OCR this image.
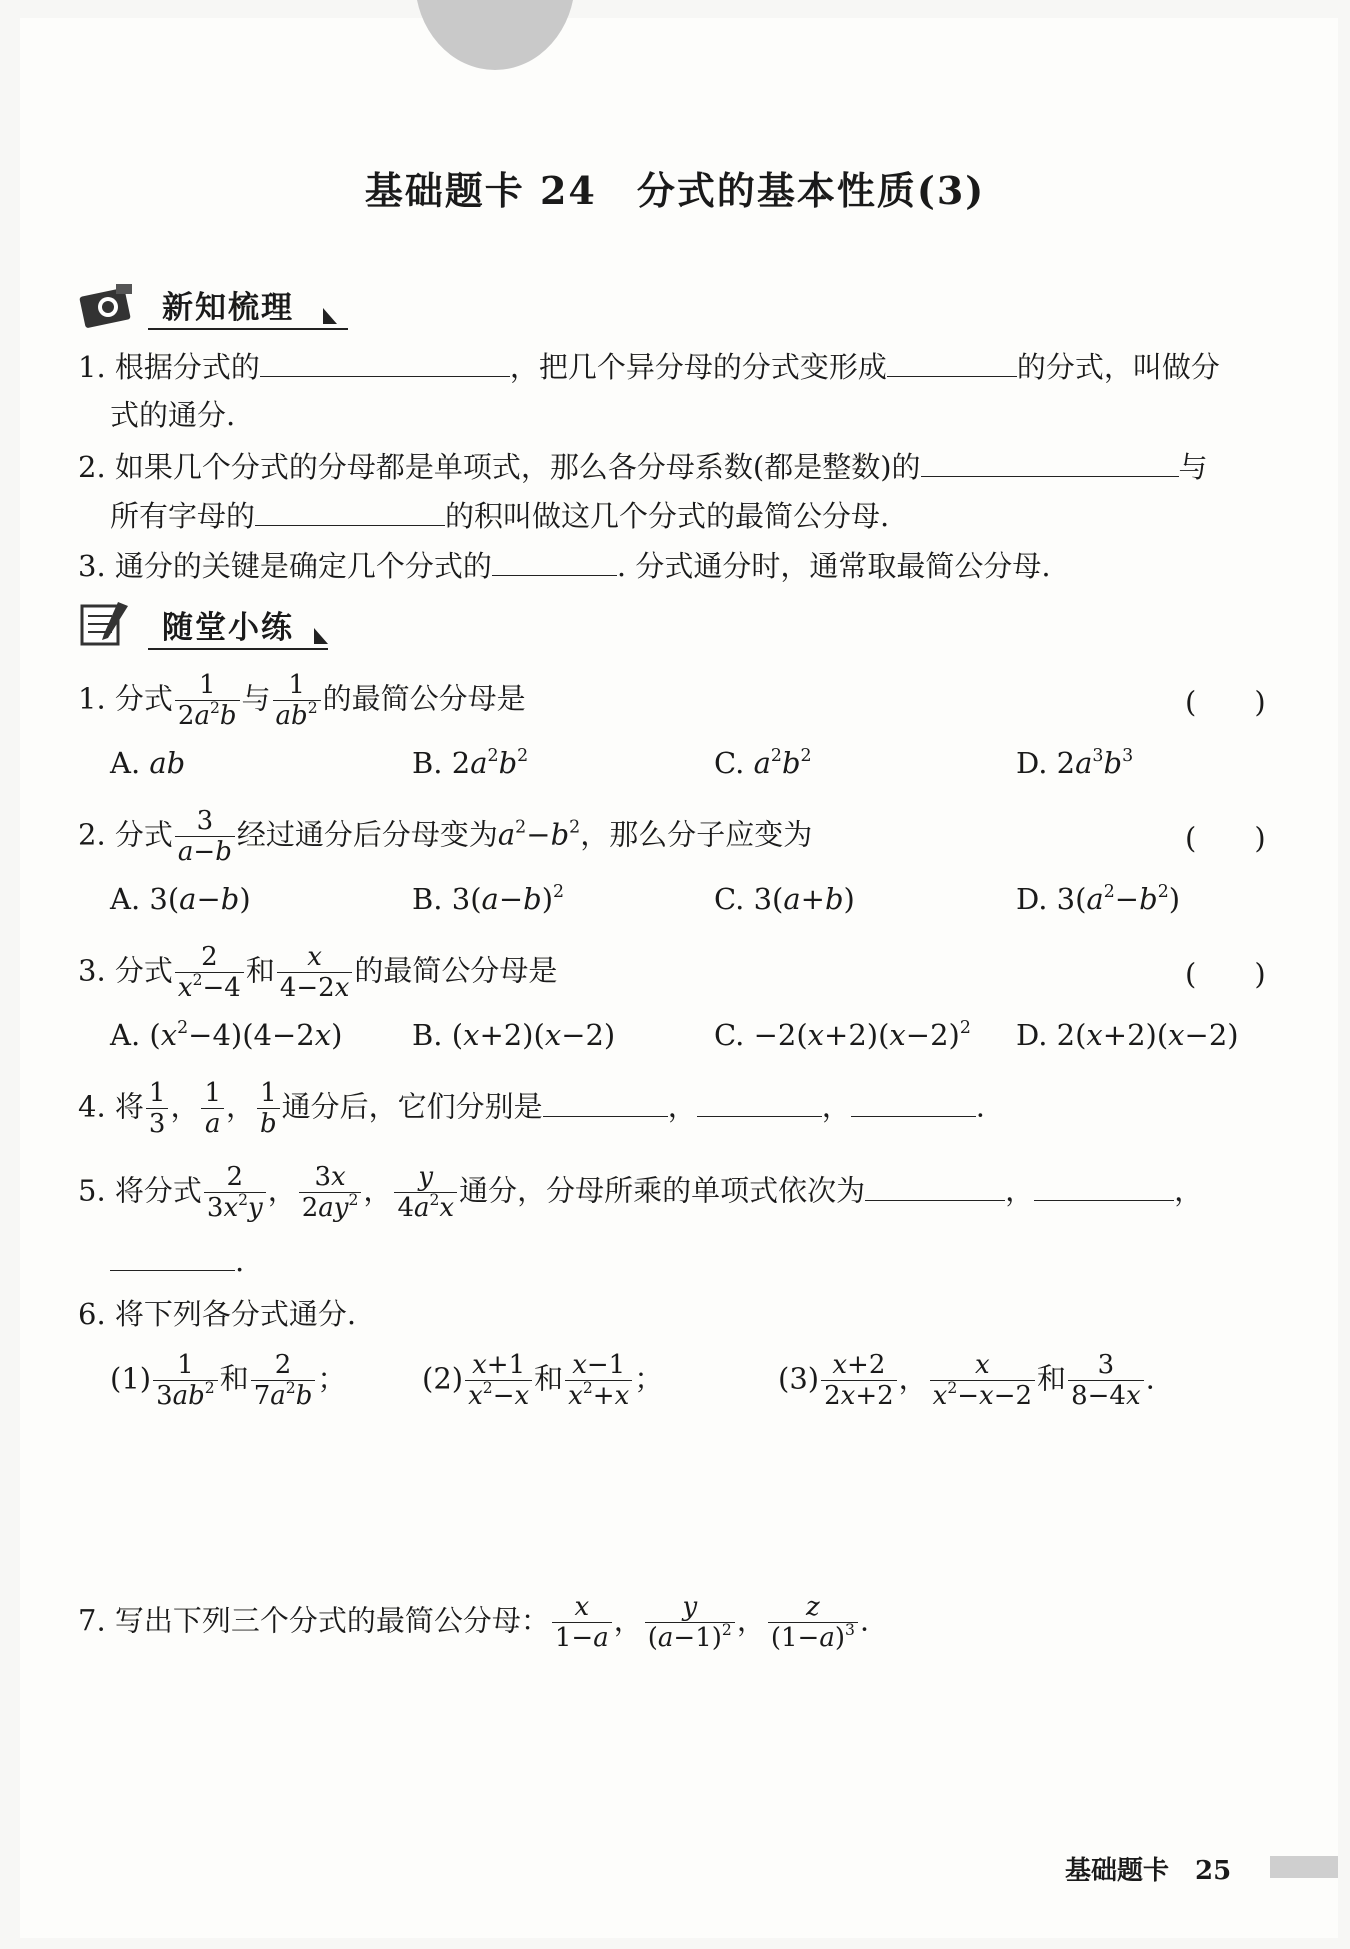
基础题卡 24 分式的基本性质(3)
新知梳理
1. 根据分式的	，把几个异分母的分式变形成	的分式，叫做分
式的通分.
2. 如果几个分式的分母都是单项式，那么各分母系数(都是整数)的	与
所有字母的	的积叫做这几个分式的最简公分母.
3. 通分的关键是确定几个分式的	. 分式通分时，通常取最简公分母.
随堂小练
1. 分式 $\frac{1}{2a^2b}$ 与 $\frac{1}{ab^2}$ 的最简公分母是	(　　)
A. ab	B. $2a^2b^2$	C. $a^2b^2$	D. $2a^3b^3$
2. 分式 $\frac{3}{a-b}$ 经过通分后分母变为$a^2-b^2$，那么分子应变为	(　　)
A. 3(a−b)	B. $3(a-b)^2$	C. 3(a+b)	D. $3(a^2-b^2)$
3. 分式 $\frac{2}{x^2-4}$ 和 $\frac{x}{4-2x}$ 的最简公分母是	(　　)
A. $(x^2-4)(4-2x)$ B. (x+2)(x−2)	C. $-2(x+2)(x-2)^2$ D. 2(x+2)(x−2)
4. 将 $\frac{1}{3}$ ， $\frac{1}{a}$ ， $\frac{1}{b}$ 通分后，它们分别是	，	，	.
5. 将分式 $\frac{2}{3x^2y}$ ， $\frac{3x}{2ay^2}$ ， $\frac{y}{4a^2x}$ 通分，分母所乘的单项式依次为	，	，
.
6. 将下列各分式通分.
$(1) \frac{1}{3ab^2}$ 和 $\frac{2}{7a^2b}$ ；	$(2) \frac{x+1}{x^2-x}$ 和 $\frac{x-1}{x^2+x}$ ；	$(3) \frac{x+2}{2x+2}$ ， $\frac{x}{x^2-x-2}$ 和 $\frac{3}{8-4x}$ .
7. 写出下列三个分式的最简公分母： $\frac{x}{1-a}$ ， $\frac{y}{(a-1)^2}$ ， $\frac{z}{(1-a)^3}$ .
基础题卡 25
